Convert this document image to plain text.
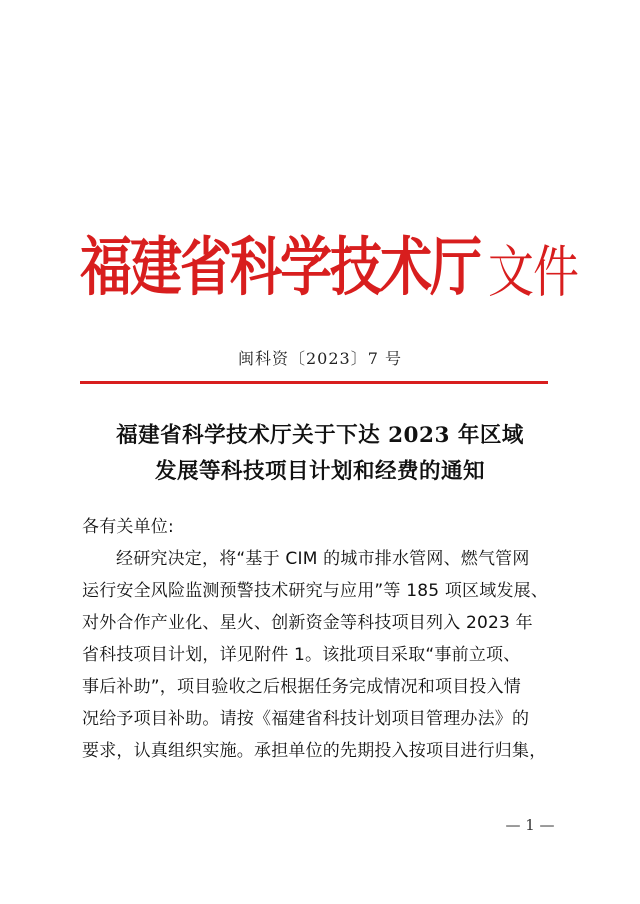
福建省科学技术厅 文件
闽科资〔2023〕7 号
福建省科学技术厅关于下达 2023 年区域
发展等科技项目计划和经费的通知
各有关单位:
经研究决定，将“基于 CIM 的城市排水管网、燃气管网
运行安全风险监测预警技术研究与应用”等 185 项区域发展、
对外合作产业化、星火、创新资金等科技项目列入 2023 年
省科技项目计划，详见附件 1。该批项目采取“事前立项、
事后补助”，项目验收之后根据任务完成情况和项目投入情
况给予项目补助。请按《福建省科技计划项目管理办法》的
要求，认真组织实施。承担单位的先期投入按项目进行归集，
— 1 —
